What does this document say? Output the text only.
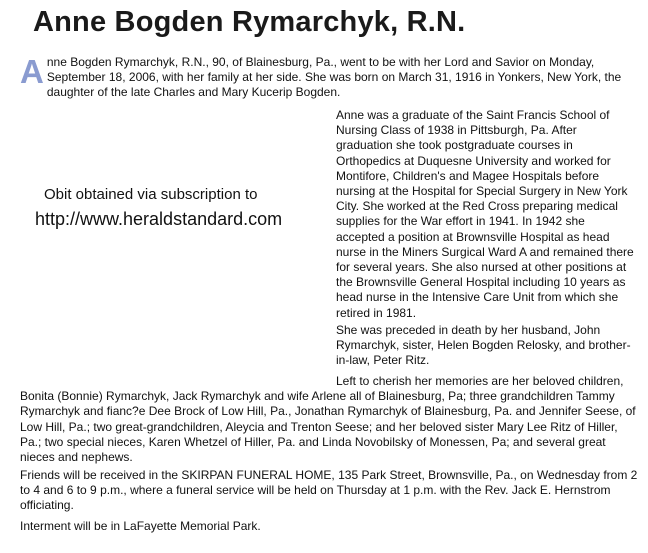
Anne Bogden Rymarchyk, R.N.

Anne Bogden Rymarchyk, R.N., 90, of Blainesburg, Pa., went to be with her Lord and Savior on Monday, September 18, 2006, with her family at her side. She was born on March 31, 1916 in Yonkers, New York, the daughter of the late Charles and Mary Kucerip Bogden.

Obit obtained via subscription to
http://www.heraldstandard.com

Anne was a graduate of the Saint Francis School of Nursing Class of 1938 in Pittsburgh, Pa. After graduation she took postgraduate courses in Orthopedics at Duquesne University and worked for Montifore, Children's and Magee Hospitals before nursing at the Hospital for Special Surgery in New York City. She worked at the Red Cross preparing medical supplies for the War effort in 1941. In 1942 she accepted a position at Brownsville Hospital as head nurse in the Miners Surgical Ward A and remained there for several years. She also nursed at other positions at the Brownsville General Hospital including 10 years as head nurse in the Intensive Care Unit from which she retired in 1981.

She was preceded in death by her husband, John Rymarchyk, sister, Helen Bogden Relosky, and brother-in-law, Peter Ritz.

Left to cherish her memories are her beloved children, Bonita (Bonnie) Rymarchyk, Jack Rymarchyk and wife Arlene all of Blainesburg, Pa; three grandchildren Tammy Rymarchyk and fianc?e Dee Brock of Low Hill, Pa., Jonathan Rymarchyk of Blainesburg, Pa. and Jennifer Seese, of Low Hill, Pa.; two great-grandchildren, Aleycia and Trenton Seese; and her beloved sister Mary Lee Ritz of Hiller, Pa.; two special nieces, Karen Whetzel of Hiller, Pa. and Linda Novobilsky of Monessen, Pa; and several great nieces and nephews.

Friends will be received in the SKIRPAN FUNERAL HOME, 135 Park Street, Brownsville, Pa., on Wednesday from 2 to 4 and 6 to 9 p.m., where a funeral service will be held on Thursday at 1 p.m. with the Rev. Jack E. Hernstrom officiating.

Interment will be in LaFayette Memorial Park.
